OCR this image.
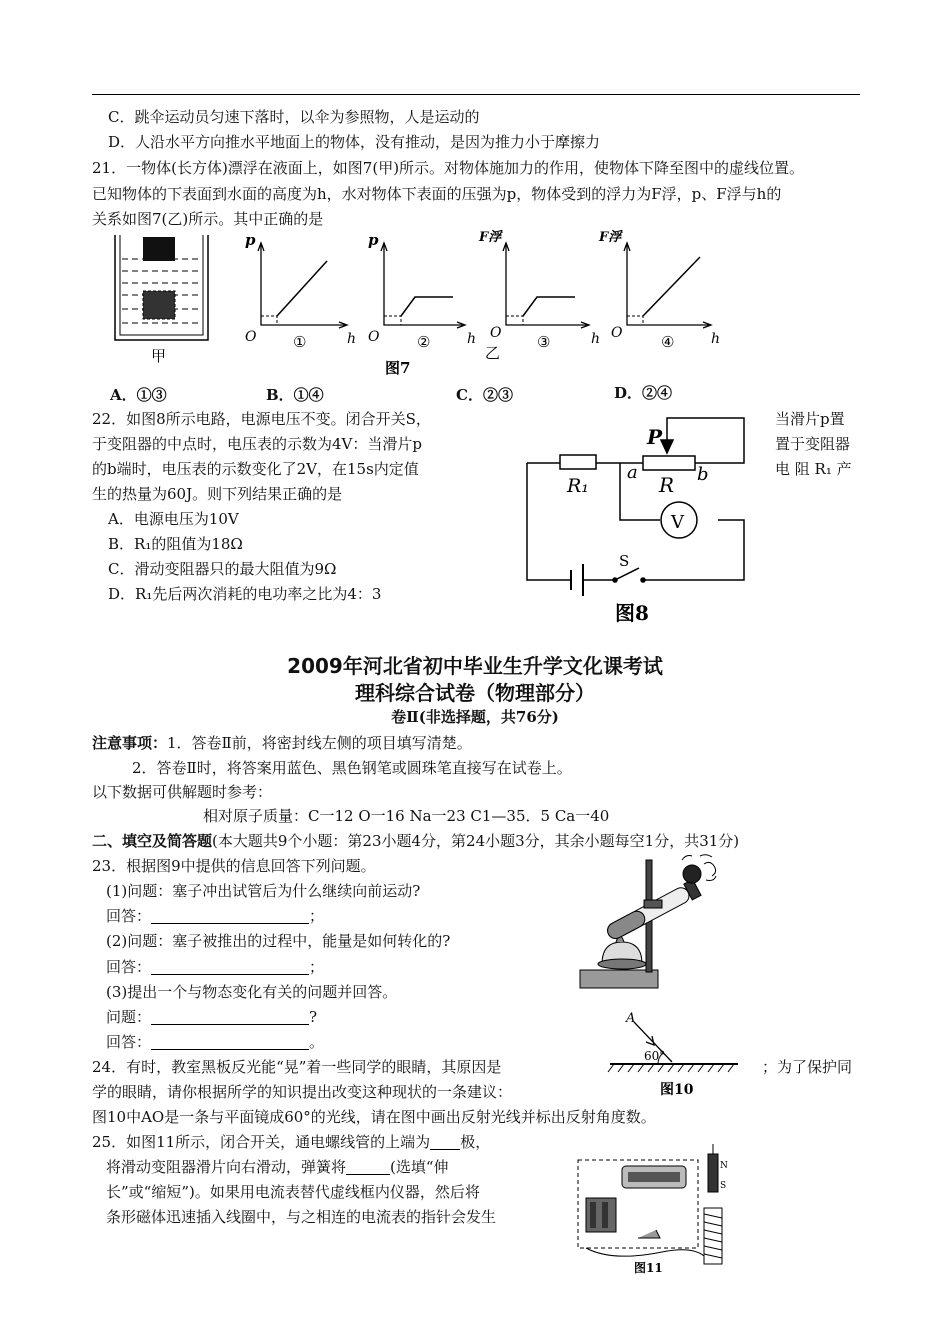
C．跳伞运动员匀速下落时，以伞为参照物，人是运动的
D．人沿水平方向推水平地面上的物体，没有推动，是因为推力小于摩擦力
21．一物体(长方体)漂浮在液面上，如图7(甲)所示。对物体施加力的作用，使物体下降至图中的虚线位置。
已知物体的下表面到水面的高度为h，水对物体下表面的压强为p，物体受到的浮力为F浮，p、F浮与h的
关系如图7(乙)所示。其中正确的是
甲
p
O ①	h
p
O	②	h
F浮
O ③	h
乙
F浮
O	④	h
图7
A．①③	B．①④	C．②③	D．②④
22．如图8所示电路，电源电压不变。闭合开关S，	当滑片p置
于变阻器的中点时，电压表的示数为4V：当滑片p	置于变阻器
的b端时，电压表的示数变化了2V，在15s内定值	电 阻 R₁ 产
生的热量为60J。则下列结果正确的是
A．电源电压为10V
B．R₁的阻值为18Ω
C．滑动变阻器只的最大阻值为9Ω
D．R₁先后两次消耗的电功率之比为4：3
P
R₁
a
R b
V
S
图8
2009年河北省初中毕业生升学文化课考试
理科综合试卷（物理部分）
卷Ⅱ(非选择题，共76分)
注意事项：1．答卷Ⅱ前，将密封线左侧的项目填写清楚。
2．答卷Ⅱ时，将答案用蓝色、黑色钢笔或圆珠笔直接写在试卷上。
以下数据可供解题时参考：
相对原子质量：C一12 O一16 Na一23 C1—35．5 Ca一40
二、填空及简答题(本大题共9个小题：第23小题4分，第24小题3分，其余小题每空1分，共31分)
23．根据图9中提供的信息回答下列问题。
(1)问题：塞子冲出试管后为什么继续向前运动?
回答：	；
(2)问题：塞子被推出的过程中，能量是如何转化的?
回答：	；
(3)提出一个与物态变化有关的问题并回答。
问题：	?
回答：	。
A
60°
图10
24．有时，教室黑板反光能“晃”着一些同学的眼睛，其原因是	；为了保护同
学的眼睛，请你根据所学的知识提出改变这种现状的一条建议：
图10中AO是一条与平面镜成60°的光线，请在图中画出反射光线并标出反射角度数。
25．如图11所示，闭合开关，通电螺线管的上端为 极，
将滑动变阻器滑片向右滑动，弹簧将	(选填“伸
长”或“缩短”)。如果用电流表替代虚线框内仪器，然后将
条形磁体迅速插入线圈中，与之相连的电流表的指针会发生
N
S
图11
